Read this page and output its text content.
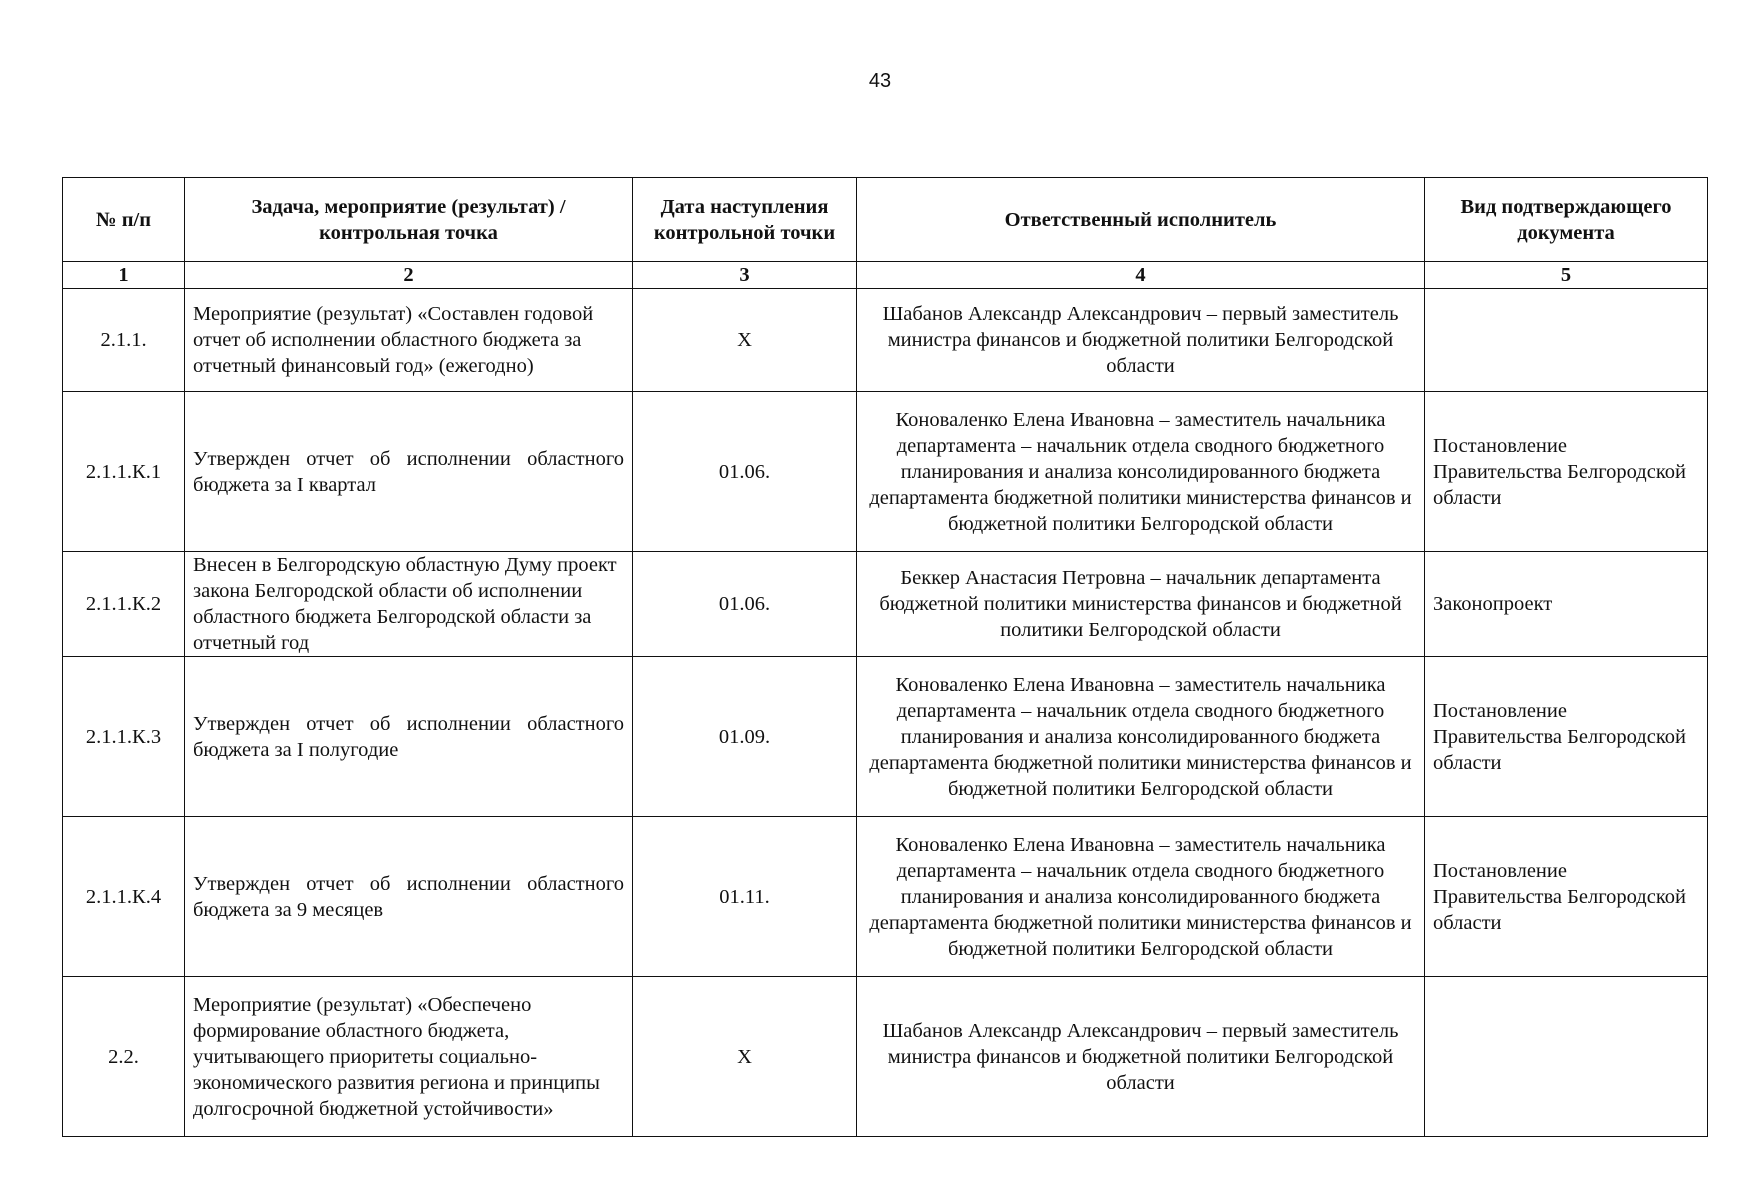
43
№ п/п	Задача, мероприятие (результат) / контрольная точка	Дата наступления контрольной точки	Ответственный исполнитель	Вид подтверждающего документа
1	2	3	4	5
2.1.1.	Мероприятие (результат) «Составлен годовой отчет об исполнении областного бюджета за отчетный финансовый год» (ежегодно)	X	Шабанов Александр Александрович – первый заместитель министра финансов и бюджетной политики Белгородской области	
2.1.1.К.1	Утвержден отчет об исполнении областного бюджета за I квартал	01.06.	Коноваленко Елена Ивановна – заместитель начальника департамента – начальник отдела сводного бюджетного планирования и анализа консолидированного бюджета департамента бюджетной политики министерства финансов и бюджетной политики Белгородской области	Постановление Правительства Белгородской области
2.1.1.К.2	Внесен в Белгородскую областную Думу проект закона Белгородской области об исполнении областного бюджета Белгородской области за отчетный год	01.06.	Беккер Анастасия Петровна – начальник департамента бюджетной политики министерства финансов и бюджетной политики Белгородской области	Законопроект
2.1.1.К.3	Утвержден отчет об исполнении областного бюджета за I полугодие	01.09.	Коноваленко Елена Ивановна – заместитель начальника департамента – начальник отдела сводного бюджетного планирования и анализа консолидированного бюджета департамента бюджетной политики министерства финансов и бюджетной политики Белгородской области	Постановление Правительства Белгородской области
2.1.1.К.4	Утвержден отчет об исполнении областного бюджета за 9 месяцев	01.11.	Коноваленко Елена Ивановна – заместитель начальника департамента – начальник отдела сводного бюджетного планирования и анализа консолидированного бюджета департамента бюджетной политики министерства финансов и бюджетной политики Белгородской области	Постановление Правительства Белгородской области
2.2.	Мероприятие (результат) «Обеспечено формирование областного бюджета, учитывающего приоритеты социально-экономического развития региона и принципы долгосрочной бюджетной устойчивости»	X	Шабанов Александр Александрович – первый заместитель министра финансов и бюджетной политики Белгородской области	
